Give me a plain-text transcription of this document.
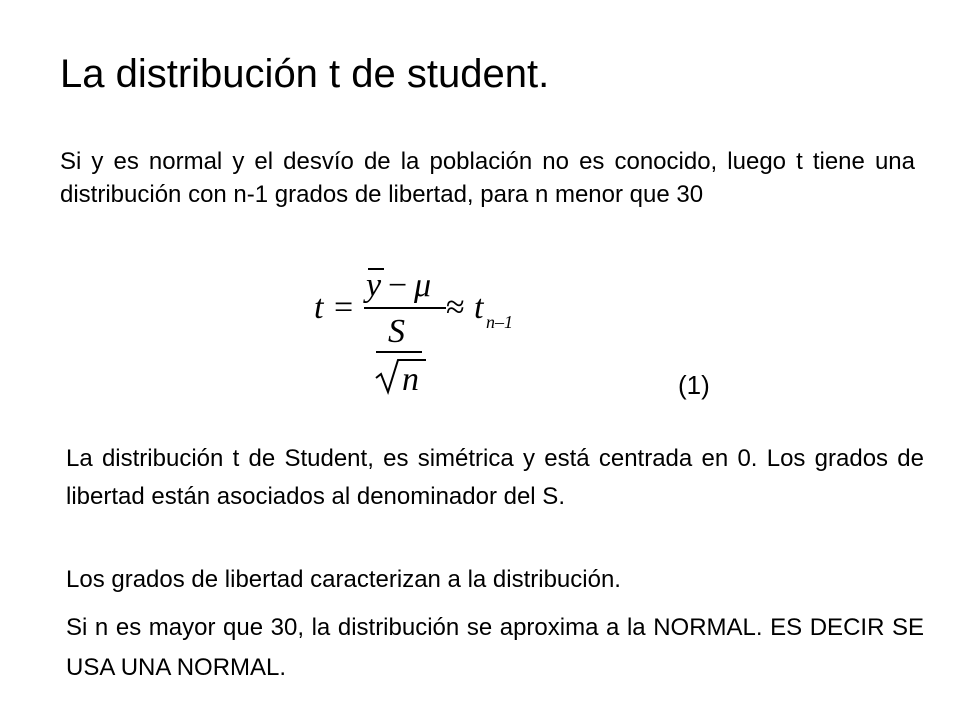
La distribución t de student.

Si y es normal y el desvío de la población no es conocido, luego t tiene una distribución con n-1 grados de libertad, para n menor que 30

t =
y − μ
S
n
≈ t n–1
(1)

La distribución t de Student, es simétrica y está centrada en 0. Los grados de libertad están asociados al denominador del S.

Los grados de libertad caracterizan a la distribución.

Si n es mayor que 30, la distribución se aproxima a la NORMAL. ES DECIR SE USA UNA NORMAL.
